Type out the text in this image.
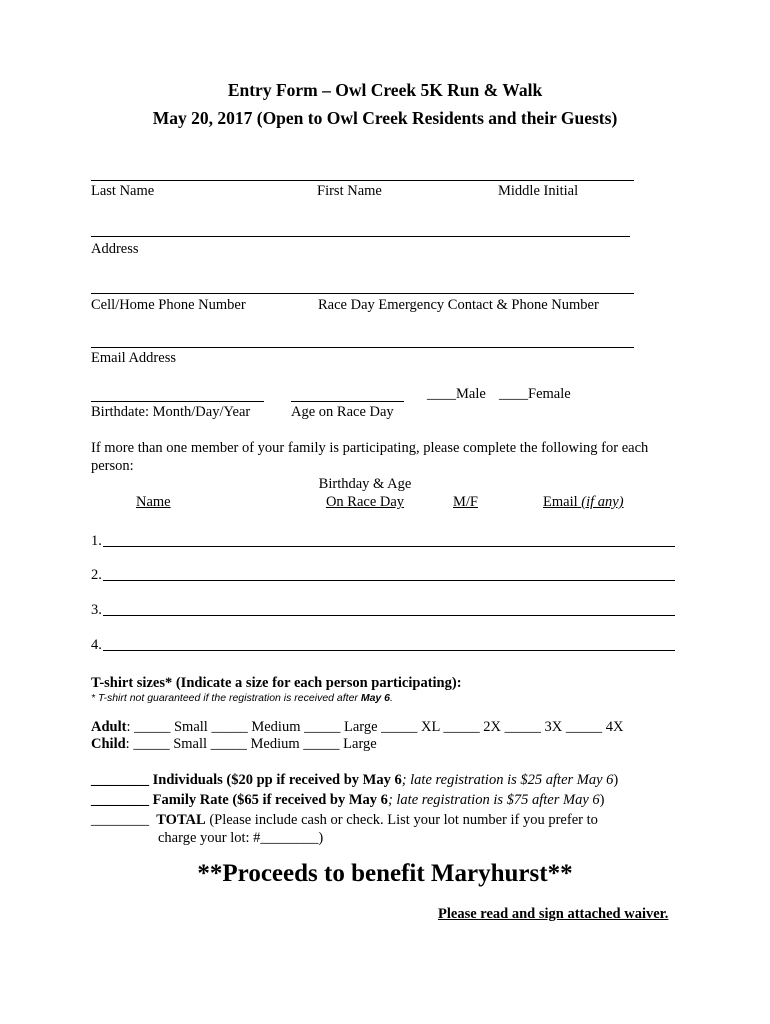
Entry Form – Owl Creek 5K Run & Walk
May 20, 2017 (Open to Owl Creek Residents and their Guests)
Last Name	First Name	Middle Initial
Address
Cell/Home Phone Number	Race Day Emergency Contact & Phone Number
Email Address
____Male ____Female
Birthdate: Month/Day/Year	Age on Race Day
If more than one member of your family is participating, please complete the following for each
person:
Name
Birthday & Age
On Race Day	M/F	Email (if any)
1.
2.
3.
4.
T-shirt sizes* (Indicate a size for each person participating):
* T-shirt not guaranteed if the registration is received after May 6.
Adult: _____ Small _____ Medium _____ Large _____ XL _____ 2X _____ 3X _____ 4X
Child: _____ Small _____ Medium _____ Large
________ Individuals ($20 pp if received by May 6; late registration is $25 after May 6)
________ Family Rate ($65 if received by May 6; late registration is $75 after May 6)
________ TOTAL (Please include cash or check. List your lot number if you prefer to
charge your lot: #________)
**Proceeds to benefit Maryhurst**
Please read and sign attached waiver.
